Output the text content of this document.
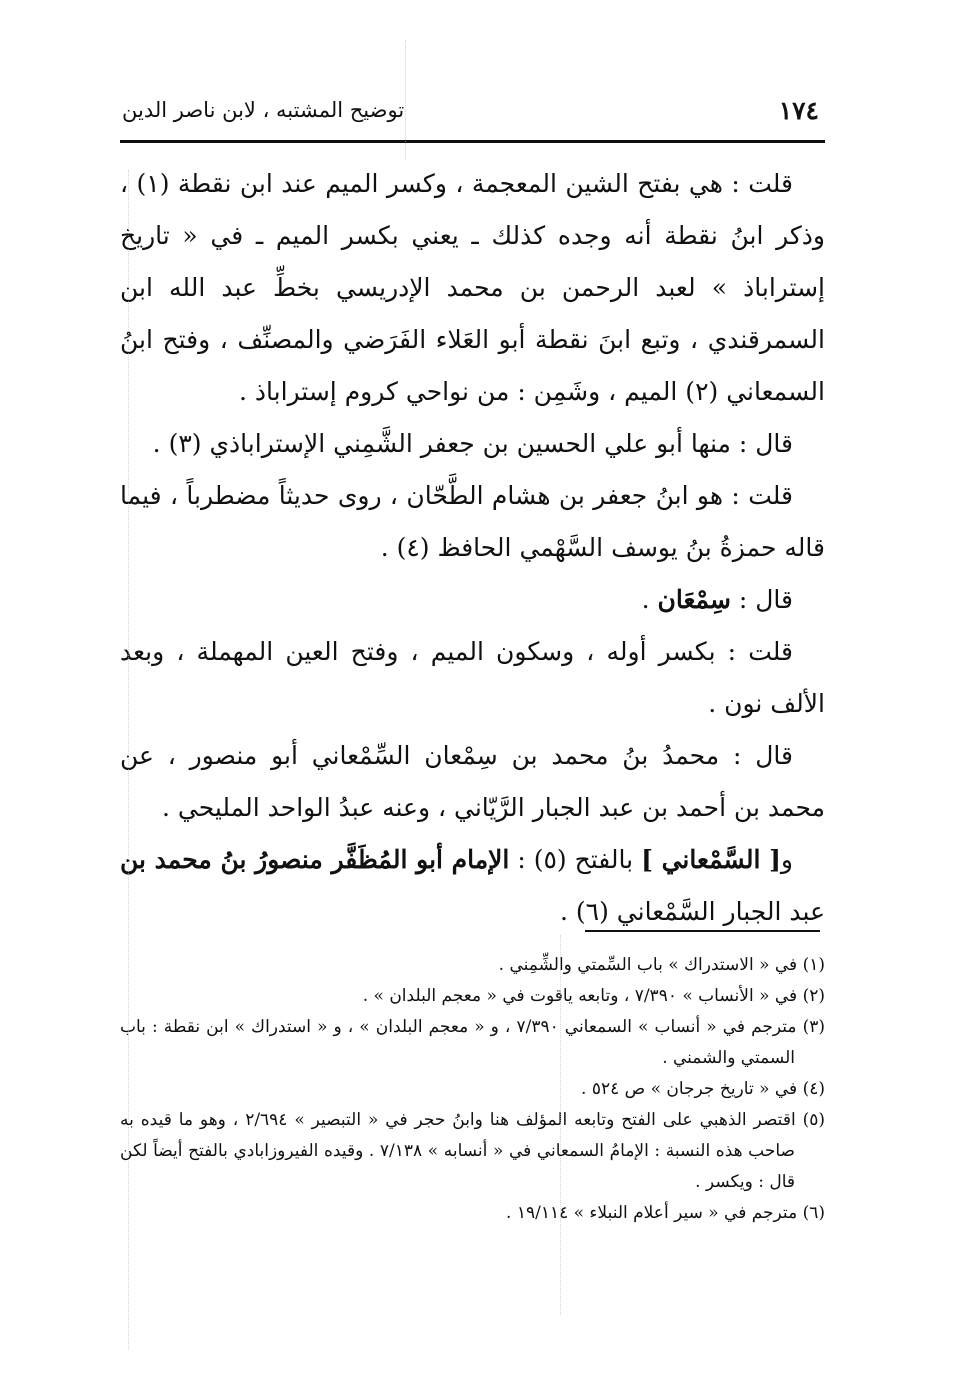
١٧٤
توضيح المشتبه ، لابن ناصر الدين

قلت : هي بفتح الشين المعجمة ، وكسر الميم عند ابن نقطة (١) ، وذكر ابنُ نقطة أنه وجده كذلك ـ يعني بكسر الميم ـ في « تاريخ إستراباذ » لعبد الرحمن بن محمد الإدريسي بخطِّ عبد الله ابن السمرقندي ، وتبع ابنَ نقطة أبو العَلاء الفَرَضي والمصنِّف ، وفتح ابنُ السمعاني (٢) الميم ، وشَمِن : من نواحي كروم إستراباذ .

قال : منها أبو علي الحسين بن جعفر الشَّمِني الإستراباذي (٣) .

قلت : هو ابنُ جعفر بن هشام الطَّحّان ، روى حديثاً مضطرباً ، فيما قاله حمزةُ بنُ يوسف السَّهْمي الحافظ (٤) .

قال : سِمْعَان .

قلت : بكسر أوله ، وسكون الميم ، وفتح العين المهملة ، وبعد الألف نون .

قال : محمدُ بنُ محمد بن سِمْعان السِّمْعاني أبو منصور ، عن محمد بن أحمد بن عبد الجبار الرَّيّاني ، وعنه عبدُ الواحد المليحي .

و[ السَّمْعاني ] بالفتح (٥) : الإمام أبو المُظَفَّر منصورُ بنُ محمد بن عبد الجبار السَّمْعاني (٦) .

(١) في « الاستدراك » باب السِّمتي والشِّمِني .

(٢) في « الأنساب » ٧/٣٩٠ ، وتابعه ياقوت في « معجم البلدان » .

(٣) مترجم في « أنساب » السمعاني ٧/٣٩٠ ، و « معجم البلدان » ، و « استدراك » ابن نقطة : باب السمتي والشمني .

(٤) في « تاريخ جرجان » ص ٥٢٤ .

(٥) اقتصر الذهبي على الفتح وتابعه المؤلف هنا وابنُ حجر في « التبصير » ٢/٦٩٤ ، وهو ما قيده به صاحب هذه النسبة : الإمامُ السمعاني في « أنسابه » ٧/١٣٨ . وقيده الفيروزابادي بالفتح أيضاً لكن قال : ويكسر .

(٦) مترجم في « سير أعلام النبلاء » ١٩/١١٤ .
